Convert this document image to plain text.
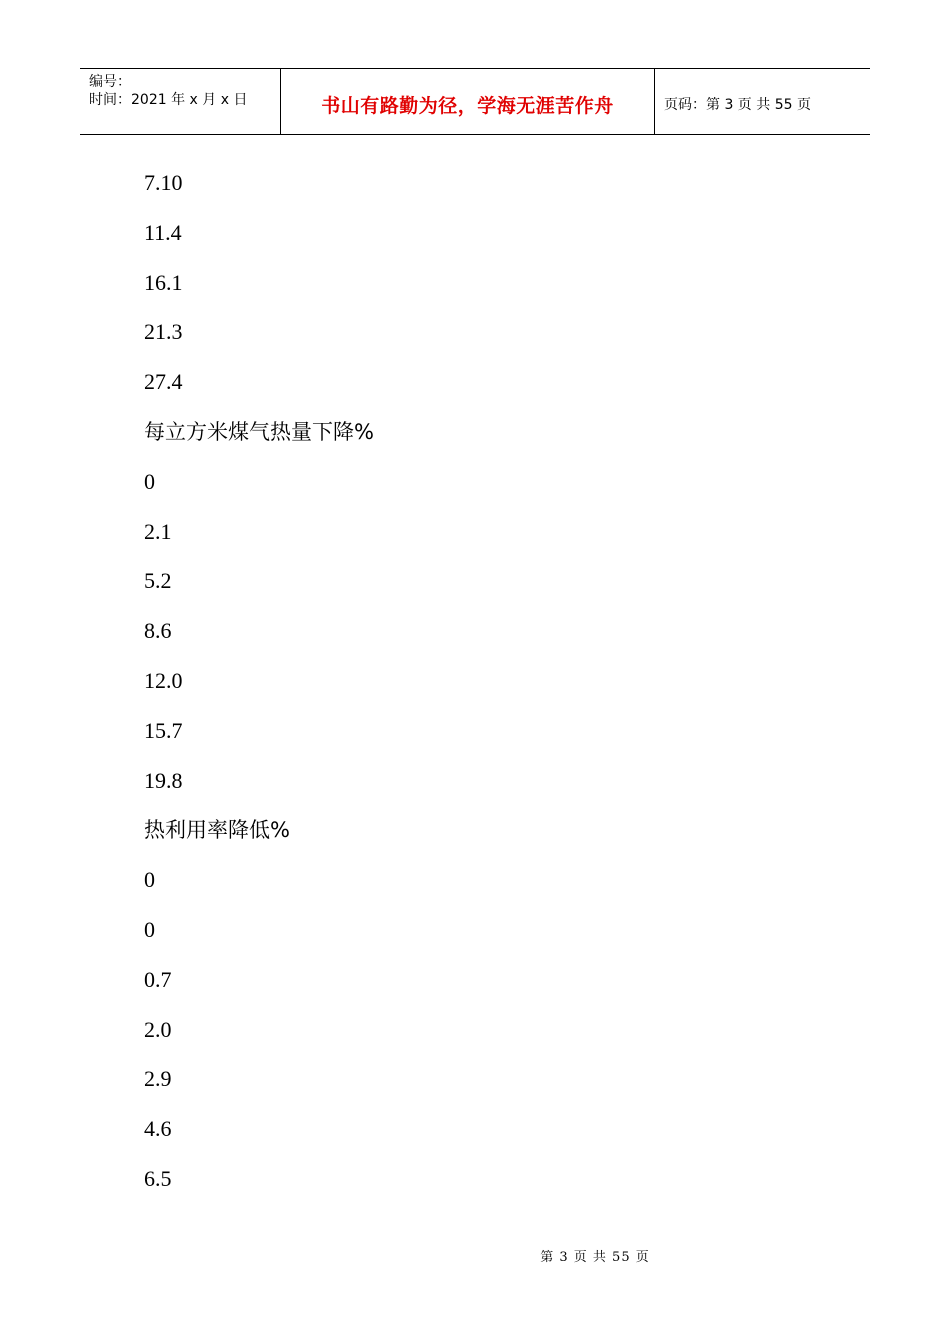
编号：
时间：2021 年 x 月 x 日	书山有路勤为径，学海无涯苦作舟	页码：第 3 页 共 55 页
7.10
11.4
16.1
21.3
27.4
每立方米煤气热量下降%
0
2.1
5.2
8.6
12.0
15.7
19.8
热利用率降低%
0
0
0.7
2.0
2.9
4.6
6.5
第 3 页 共 55 页
